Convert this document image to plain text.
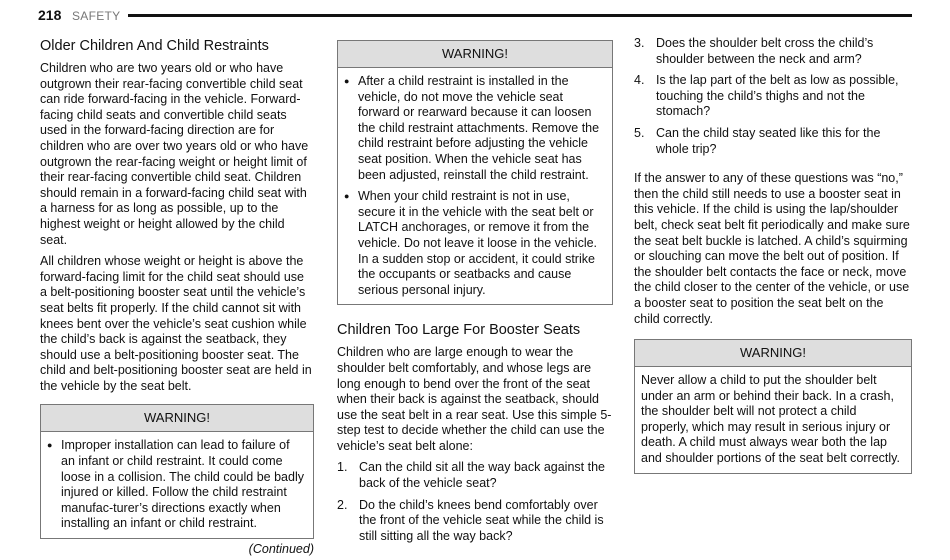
218 SAFETY
Older Children And Child Restraints

Children who are two years old or who have outgrown their rear-facing convertible child seat can ride forward-facing in the vehicle. Forward-facing child seats and convertible child seats used in the forward-facing direction are for children who are over two years old or who have outgrown the rear-facing weight or height limit of their rear-facing convertible child seat. Children should remain in a forward-facing child seat with a harness for as long as possible, up to the highest weight or height allowed by the child seat.

All children whose weight or height is above the forward-facing limit for the child seat should use a belt-positioning booster seat until the vehicle’s seat belts fit properly. If the child cannot sit with knees bent over the vehicle’s seat cushion while the child’s back is against the seatback, they should use a belt-positioning booster seat. The child and belt-positioning booster seat are held in the vehicle by the seat belt.

WARNING!
● Improper installation can lead to failure of an infant or child restraint. It could come loose in a collision. The child could be badly injured or killed. Follow the child restraint manufac-turer’s directions exactly when installing an infant or child restraint.
(Continued)
WARNING!
● After a child restraint is installed in the vehicle, do not move the vehicle seat forward or rearward because it can loosen the child restraint attachments. Remove the child restraint before adjusting the vehicle seat position. When the vehicle seat has been adjusted, reinstall the child restraint.
● When your child restraint is not in use, secure it in the vehicle with the seat belt or LATCH anchorages, or remove it from the vehicle. Do not leave it loose in the vehicle. In a sudden stop or accident, it could strike the occupants or seatbacks and cause serious personal injury.
Children Too Large For Booster Seats

Children who are large enough to wear the shoulder belt comfortably, and whose legs are long enough to bend over the front of the seat when their back is against the seatback, should use the seat belt in a rear seat. Use this simple 5-step test to decide whether the child can use the vehicle’s seat belt alone:

1. Can the child sit all the way back against the back of the vehicle seat?
2. Do the child’s knees bend comfortably over the front of the vehicle seat while the child is still sitting all the way back?
3. Does the shoulder belt cross the child’s shoulder between the neck and arm?
4. Is the lap part of the belt as low as possible, touching the child’s thighs and not the stomach?
5. Can the child stay seated like this for the whole trip?

If the answer to any of these questions was “no,” then the child still needs to use a booster seat in this vehicle. If the child is using the lap/shoulder belt, check seat belt fit periodically and make sure the seat belt buckle is latched. A child’s squirming or slouching can move the belt out of position. If the shoulder belt contacts the face or neck, move the child closer to the center of the vehicle, or use a booster seat to position the seat belt on the child correctly.

WARNING!
Never allow a child to put the shoulder belt under an arm or behind their back. In a crash, the shoulder belt will not protect a child properly, which may result in serious injury or death. A child must always wear both the lap and shoulder portions of the seat belt correctly.
